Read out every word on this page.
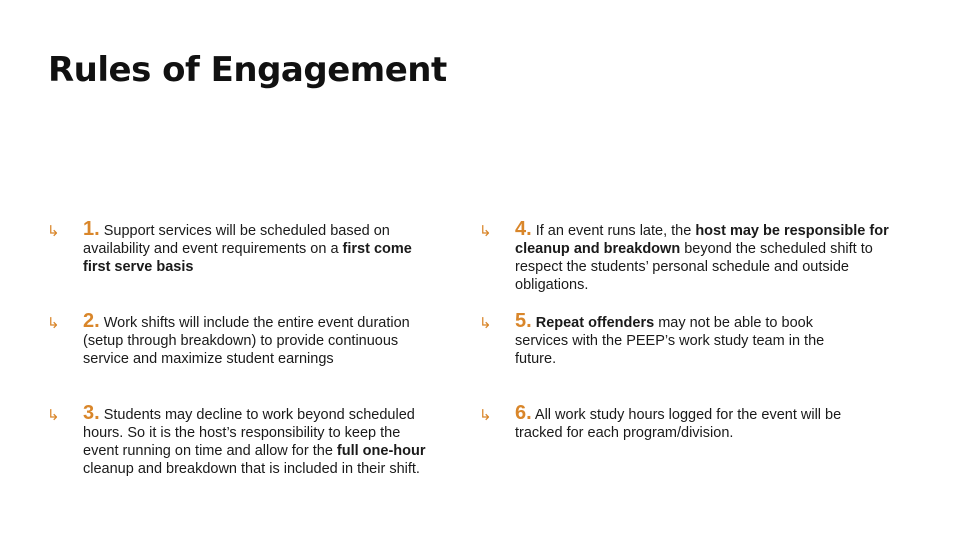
Rules of Engagement
↳ 1. Support services will be scheduled based on availability and event requirements on a first come first serve basis
↳ 2. Work shifts will include the entire event duration (setup through breakdown) to provide continuous service and maximize student earnings
↳ 3. Students may decline to work beyond scheduled hours. So it is the host’s responsibility to keep the event running on time and allow for the full one-hour cleanup and breakdown that is included in their shift.
↳ 4. If an event runs late, the host may be responsible for cleanup and breakdown beyond the scheduled shift to respect the students’ personal schedule and outside obligations.
↳ 5. Repeat offenders may not be able to book services with the PEEP’s work study team in the future.
↳ 6. All work study hours logged for the event will be tracked for each program/division.
